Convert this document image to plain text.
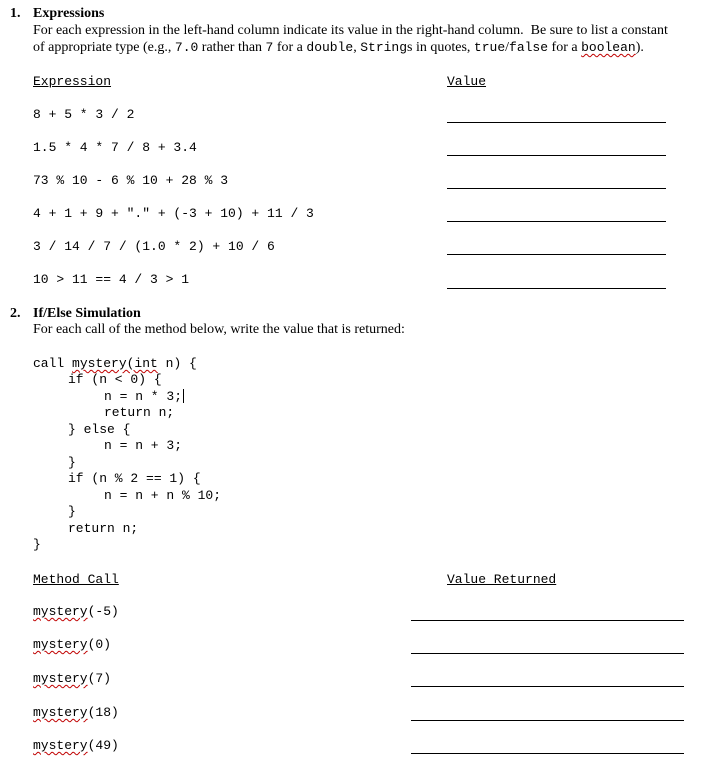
1. Expressions
For each expression in the left-hand column indicate its value in the right-hand column.  Be sure to list a constant
of appropriate type (e.g., 7.0 rather than 7 for a double, Strings in quotes, true/false for a boolean).
Expression	Value
8 + 5 * 3 / 2
1.5 * 4 * 7 / 8 + 3.4
73 % 10 - 6 % 10 + 28 % 3
4 + 1 + 9 + "." + (-3 + 10) + 11 / 3
3 / 14 / 7 / (1.0 * 2) + 10 / 6
10 > 11 == 4 / 3 > 1
2. If/Else Simulation
For each call of the method below, write the value that is returned:
call mystery(int n) {
if (n < 0) {
n = n * 3;
return n;
} else {
n = n + 3;
}
if (n % 2 == 1) {
n = n + n % 10;
}
return n;
}
Method Call	Value Returned
mystery(-5)
mystery(0)
mystery(7)
mystery(18)
mystery(49)
